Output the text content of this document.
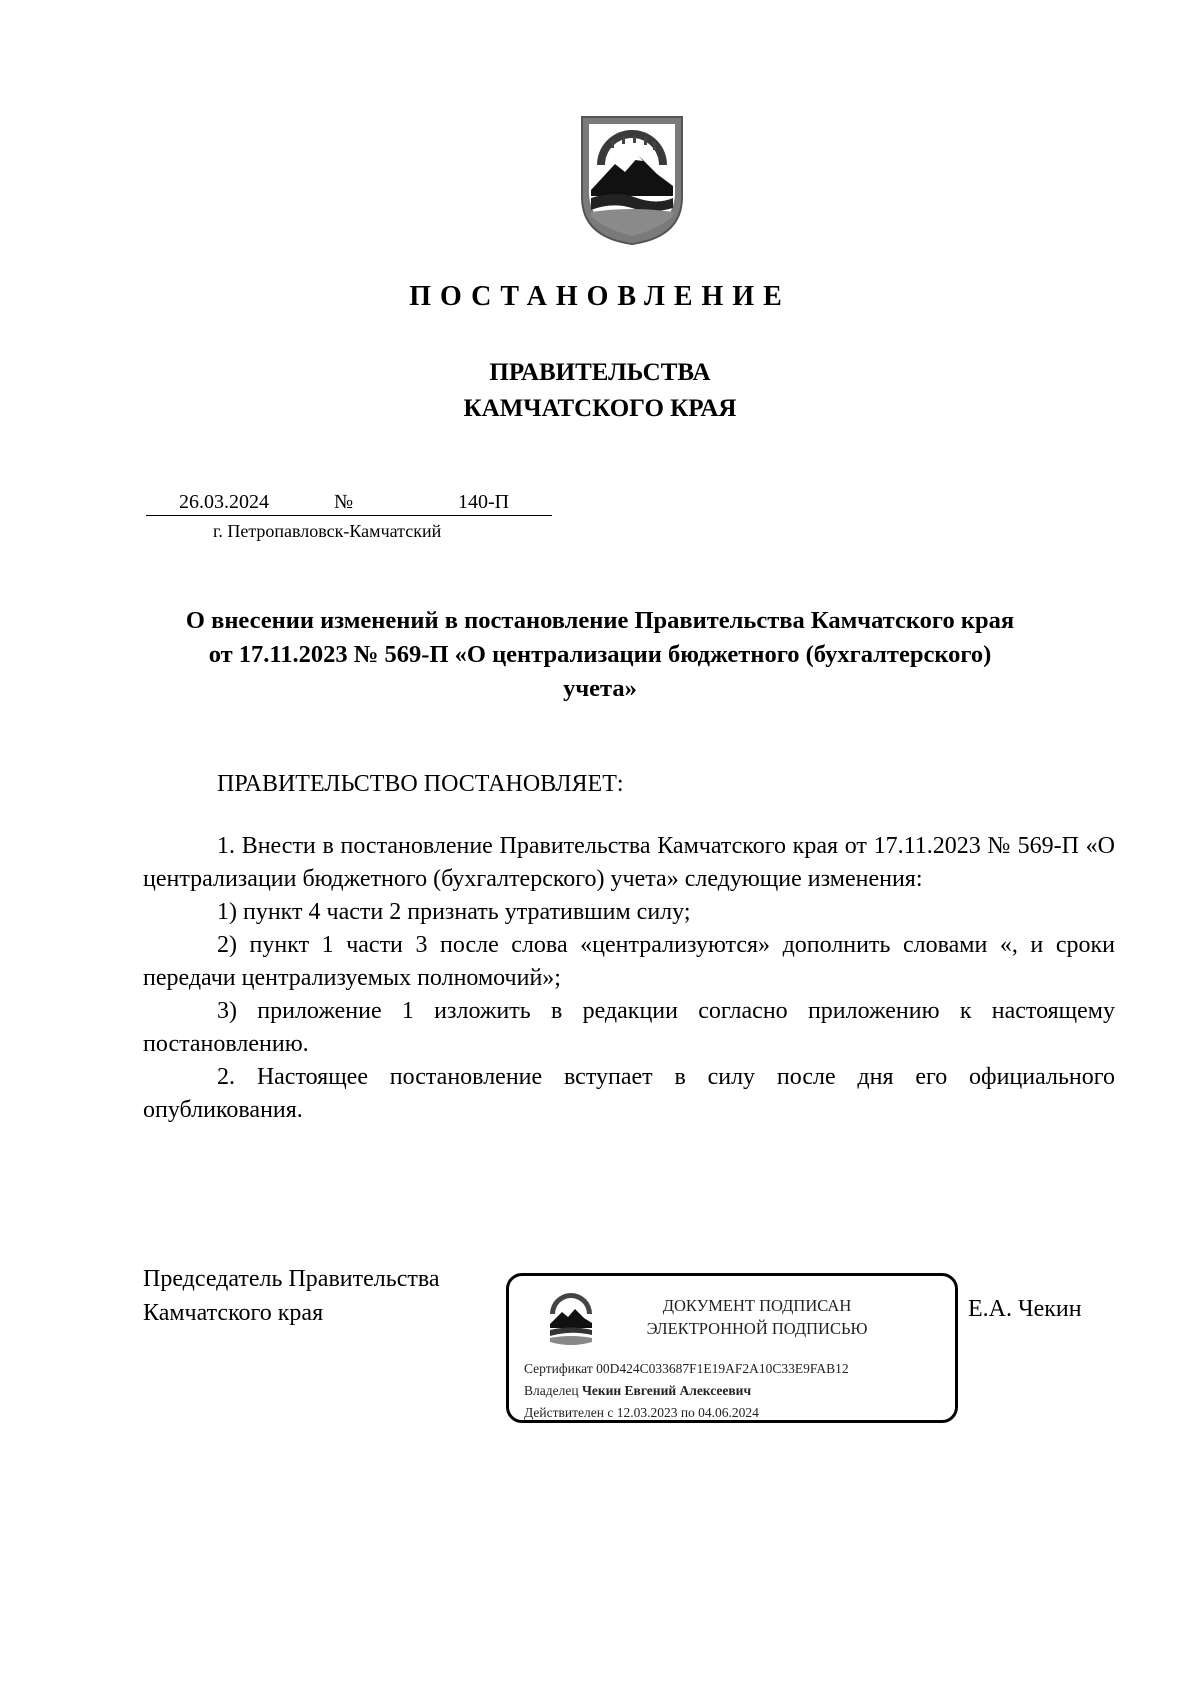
ПОСТАНОВЛЕНИЕ
ПРАВИТЕЛЬСТВА
КАМЧАТСКОГО КРАЯ
26.03.2024	№	140-П
г. Петропавловск-Камчатский
О внесении изменений в постановление Правительства Камчатского края
от 17.11.2023 № 569-П «О централизации бюджетного (бухгалтерского)
учета»

ПРАВИТЕЛЬСТВО ПОСТАНОВЛЯЕТ:

1. Внести в постановление Правительства Камчатского края от 17.11.2023 № 569-П «О централизации бюджетного (бухгалтерского) учета» следующие изменения:

1) пункт 4 части 2 признать утратившим силу;

2) пункт 1 части 3 после слова «централизуются» дополнить словами «, и сроки передачи централизуемых полномочий»;

3) приложение 1 изложить в редакции согласно приложению к настоящему постановлению.

2. Настоящее постановление вступает в силу после дня его официального опубликования.

Председатель Правительства
Камчатского края	Е.А. Чекин
ДОКУМЕНТ ПОДПИСАН
ЭЛЕКТРОННОЙ ПОДПИСЬЮ
Сертификат 00D424C033687F1E19AF2A10C33E9FAB12
Владелец Чекин Евгений Алексеевич
Действителен с 12.03.2023 по 04.06.2024
